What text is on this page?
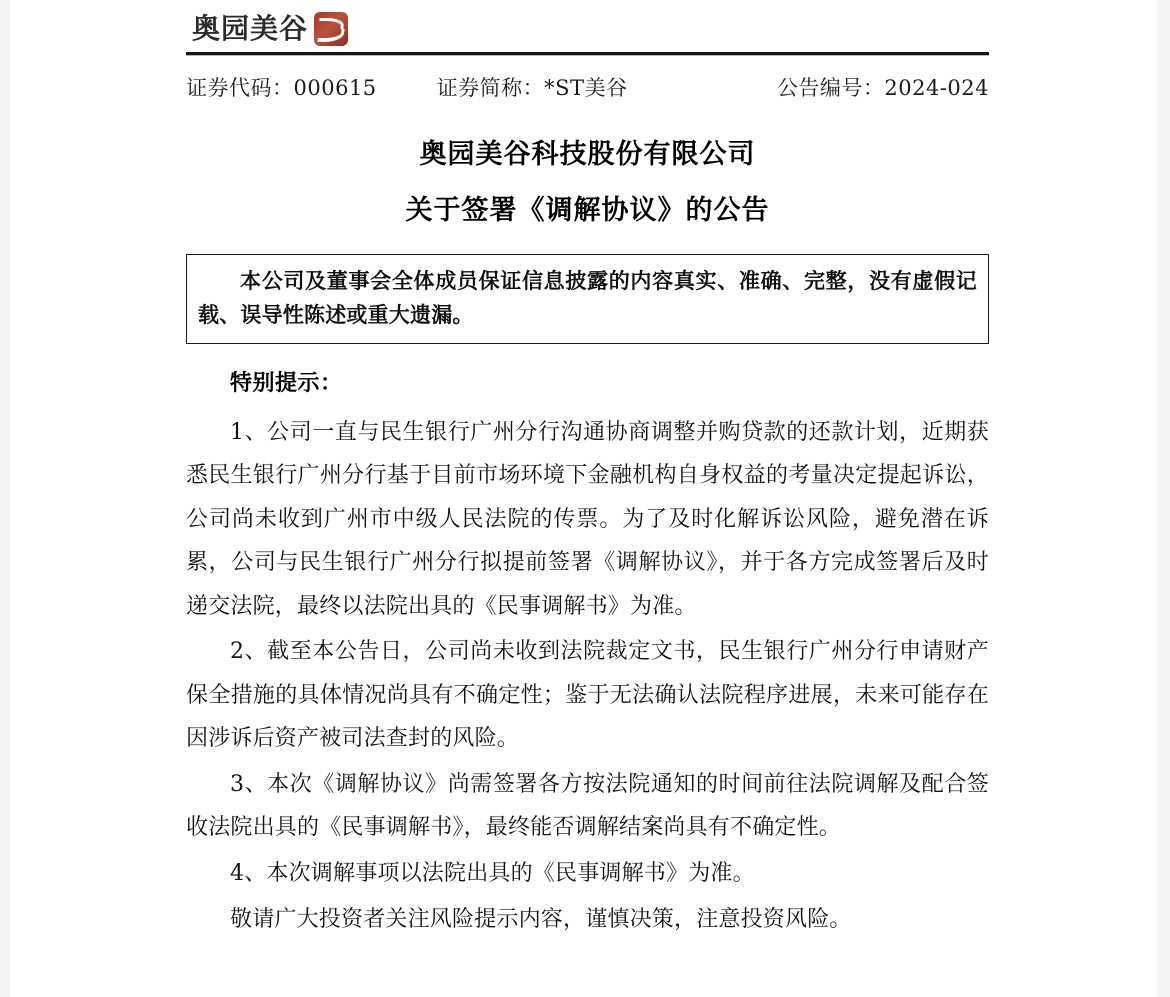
奥园美谷
证券代码：000615	证券简称：*ST美谷	公告编号：2024-024
奥园美谷科技股份有限公司
关于签署《调解协议》的公告
本公司及董事会全体成员保证信息披露的内容真实、准确、完整，没有虚假记载、误导性陈述或重大遗漏。
特别提示：
1、公司一直与民生银行广州分行沟通协商调整并购贷款的还款计划，近期获悉民生银行广州分行基于目前市场环境下金融机构自身权益的考量决定提起诉讼，公司尚未收到广州市中级人民法院的传票。为了及时化解诉讼风险，避免潜在诉累，公司与民生银行广州分行拟提前签署《调解协议》，并于各方完成签署后及时递交法院，最终以法院出具的《民事调解书》为准。
2、截至本公告日，公司尚未收到法院裁定文书，民生银行广州分行申请财产保全措施的具体情况尚具有不确定性；鉴于无法确认法院程序进展，未来可能存在因涉诉后资产被司法查封的风险。
3、本次《调解协议》尚需签署各方按法院通知的时间前往法院调解及配合签收法院出具的《民事调解书》，最终能否调解结案尚具有不确定性。
4、本次调解事项以法院出具的《民事调解书》为准。
敬请广大投资者关注风险提示内容，谨慎决策，注意投资风险。
